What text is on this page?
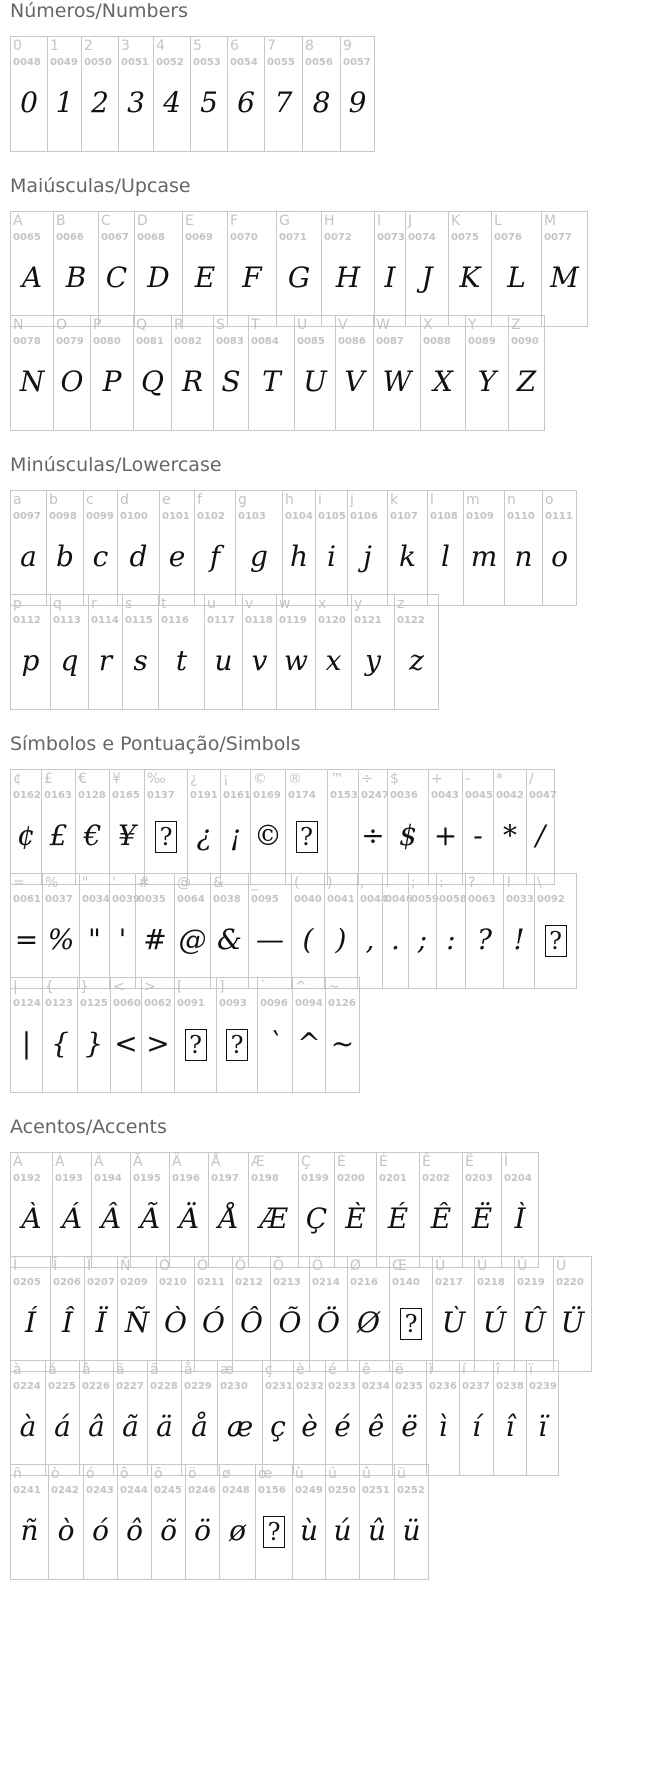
Números/Numbers
0
0048
0
1
0049
1
2
0050
2
3
0051
3
4
0052
4
5
0053
5
6
0054
6
7
0055
7
8
0056
8
9
0057
9
Maiúsculas/Upcase
A
0065
A
B
0066
B
C
0067
C
D
0068
D
E
0069
E
F
0070
F
G
0071
G
H
0072
H
I
0073
I
J
0074
J
K
0075
K
L
0076
L
M
0077
M
N
0078
N
O
0079
O
P
0080
P
Q
0081
Q
R
0082
R
S
0083
S
T
0084
T
U
0085
U
V
0086
V
W
0087
W
X
0088
X
Y
0089
Y
Z
0090
Z
Minúsculas/Lowercase
a
0097
a
b
0098
b
c
0099
c
d
0100
d
e
0101
e
f
0102
f
g
0103
g
h
0104
h
i
0105
i
j
0106
j
k
0107
k
l
0108
l
m
0109
m
n
0110
n
o
0111
o
p
0112
p
q
0113
q
r
0114
r
s
0115
s
t
0116
t
u
0117
u
v
0118
v
w
0119
w
x
0120
x
y
0121
y
z
0122
z
Símbolos e Pontuação/Simbols
¢
0162
¢
£
0163
£
€
0128
€
¥
0165
¥
‰
0137
?
¿
0191
¿
¡
0161
¡
©
0169
©
®
0174
?
™
0153
÷
0247
÷
$
0036
$
+
0043
+
-
0045
-
*
0042
*
/
0047
/
=
0061
=
%
0037
%
"
0034
"
'
0039
'
#
0035
#
@
0064
@
&
0038
&
_
0095
—
(
0040
(
)
0041
)
,
0044
,
.
0046
.
;
0059
;
:
0058
:
?
0063
?
!
0033
!
\
0092
?
|
0124
|
{
0123
{
}
0125
}
<
0060
<
>
0062
>
[
0091
?
]
0093
?
`
0096
`
^
0094
^
~
0126
~
Acentos/Accents
À
0192
À
Á
0193
Á
Â
0194
Â
Ã
0195
Ã
Ä
0196
Ä
Å
0197
Å
Æ
0198
Æ
Ç
0199
Ç
È
0200
È
É
0201
É
Ê
0202
Ê
Ë
0203
Ë
Ì
0204
Ì
Í
0205
Í
Î
0206
Î
Ï
0207
Ï
Ñ
0209
Ñ
Ò
0210
Ò
Ó
0211
Ó
Ô
0212
Ô
Õ
0213
Õ
Ö
0214
Ö
Ø
0216
Ø
Œ
0140
?
Ù
0217
Ù
Ú
0218
Ú
Û
0219
Û
Ü
0220
Ü
à
0224
à
á
0225
á
â
0226
â
ã
0227
ã
ä
0228
ä
å
0229
å
æ
0230
æ
ç
0231
ç
è
0232
è
é
0233
é
ê
0234
ê
ë
0235
ë
ì
0236
ì
í
0237
í
î
0238
î
ï
0239
ï
ñ
0241
ñ
ò
0242
ò
ó
0243
ó
ô
0244
ô
õ
0245
õ
ö
0246
ö
ø
0248
ø
œ
0156
?
ù
0249
ù
ú
0250
ú
û
0251
û
ü
0252
ü
